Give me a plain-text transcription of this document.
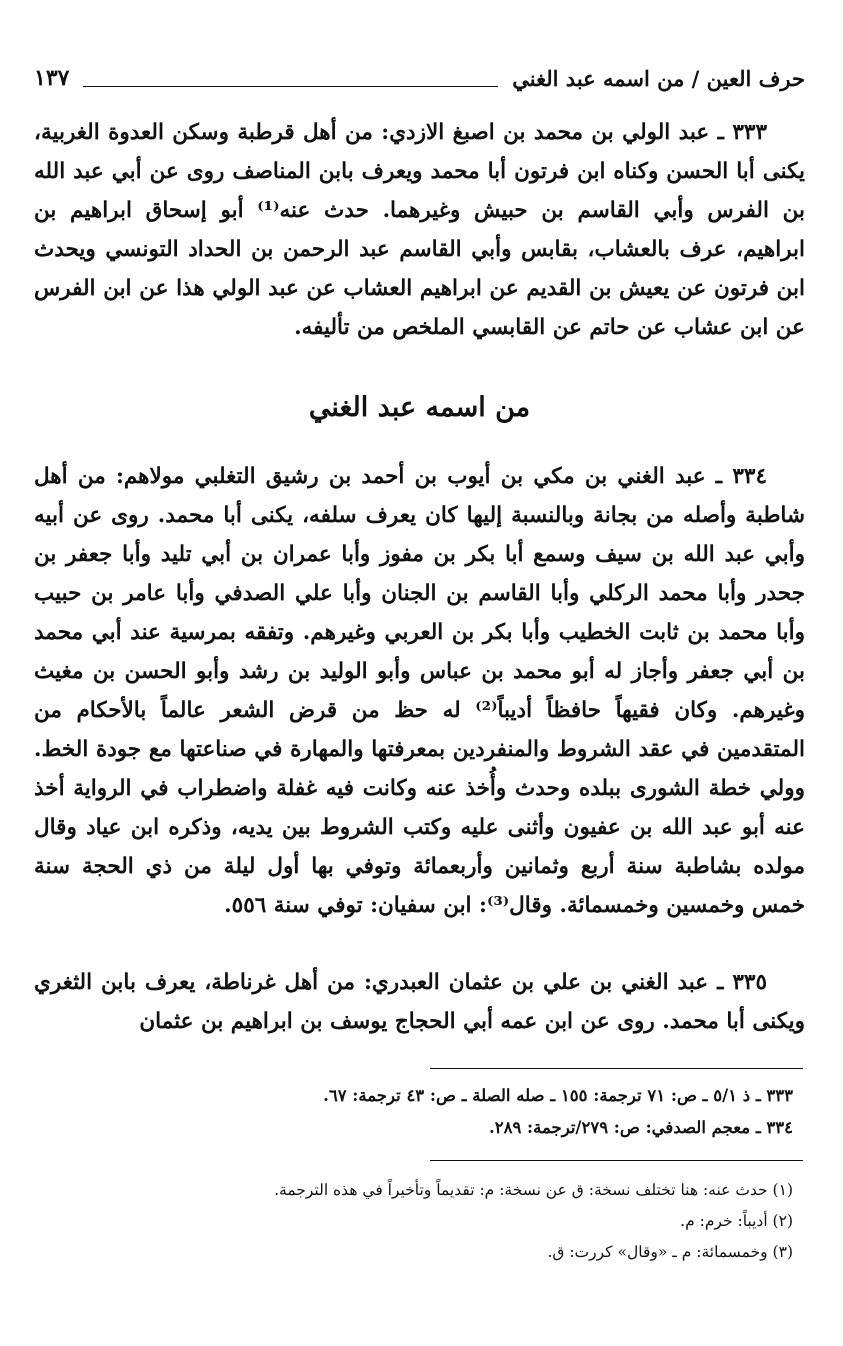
حرف العين / من اسمه عبد الغني
١٣٧

٣٣٣ ـ عبد الولي بن محمد بن اصبغ الازدي: من أهل قرطبة وسكن العدوة الغربية، يكنى أبا الحسن وكناه ابن فرتون أبا محمد ويعرف بابن المناصف روى عن أبي عبد الله بن الفرس وأبي القاسم بن حبيش وغيرهما. حدث عنه⁽¹⁾ أبو إسحاق ابراهيم بن ابراهيم، عرف بالعشاب، بقابس وأبي القاسم عبد الرحمن بن الحداد التونسي ويحدث ابن فرتون عن يعيش بن القديم عن ابراهيم العشاب عن عبد الولي هذا عن ابن الفرس عن ابن عشاب عن حاتم عن القابسي الملخص من تأليفه.

من اسمه عبد الغني

٣٣٤ ـ عبد الغني بن مكي بن أيوب بن أحمد بن رشيق التغلبي مولاهم: من أهل شاطبة وأصله من بجانة وبالنسبة إليها كان يعرف سلفه، يكنى أبا محمد. روى عن أبيه وأبي عبد الله بن سيف وسمع أبا بكر بن مفوز وأبا عمران بن أبي تليد وأبا جعفر بن جحدر وأبا محمد الركلي وأبا القاسم بن الجنان وأبا علي الصدفي وأبا عامر بن حبيب وأبا محمد بن ثابت الخطيب وأبا بكر بن العربي وغيرهم. وتفقه بمرسية عند أبي محمد بن أبي جعفر وأجاز له أبو محمد بن عباس وأبو الوليد بن رشد وأبو الحسن بن مغيث وغيرهم. وكان فقيهاً حافظاً أديباً⁽²⁾ له حظ من قرض الشعر عالماً بالأحكام من المتقدمين في عقد الشروط والمنفردين بمعرفتها والمهارة في صناعتها مع جودة الخط. وولي خطة الشورى ببلده وحدث وأُخذ عنه وكانت فيه غفلة واضطراب في الرواية أخذ عنه أبو عبد الله بن عفيون وأثنى عليه وكتب الشروط بين يديه، وذكره ابن عياد وقال مولده بشاطبة سنة أربع وثمانين وأربعمائة وتوفي بها أول ليلة من ذي الحجة سنة خمس وخمسين وخمسمائة. وقال⁽³⁾: ابن سفيان: توفي سنة ٥٥٦.

٣٣٥ ـ عبد الغني بن علي بن عثمان العبدري: من أهل غرناطة، يعرف بابن الثغري ويكنى أبا محمد. روى عن ابن عمه أبي الحجاج يوسف بن ابراهيم بن عثمان

٣٣٣ ـ ذ ٥/١ ـ ص: ٧١ ترجمة: ١٥٥ ـ صله الصلة ـ ص: ٤٣ ترجمة: ٦٧.
٣٣٤ ـ معجم الصدفي: ص: ٢٧٩/ترجمة: ٢٨٩.
(١) حدث عنه: هنا تختلف نسخة: ق عن نسخة: م: تقديماً وتأخيراً في هذه الترجمة.
(٢) أديباً: خرم: م.
(٣) وخمسمائة: م ـ «وقال» كررت: ق.
